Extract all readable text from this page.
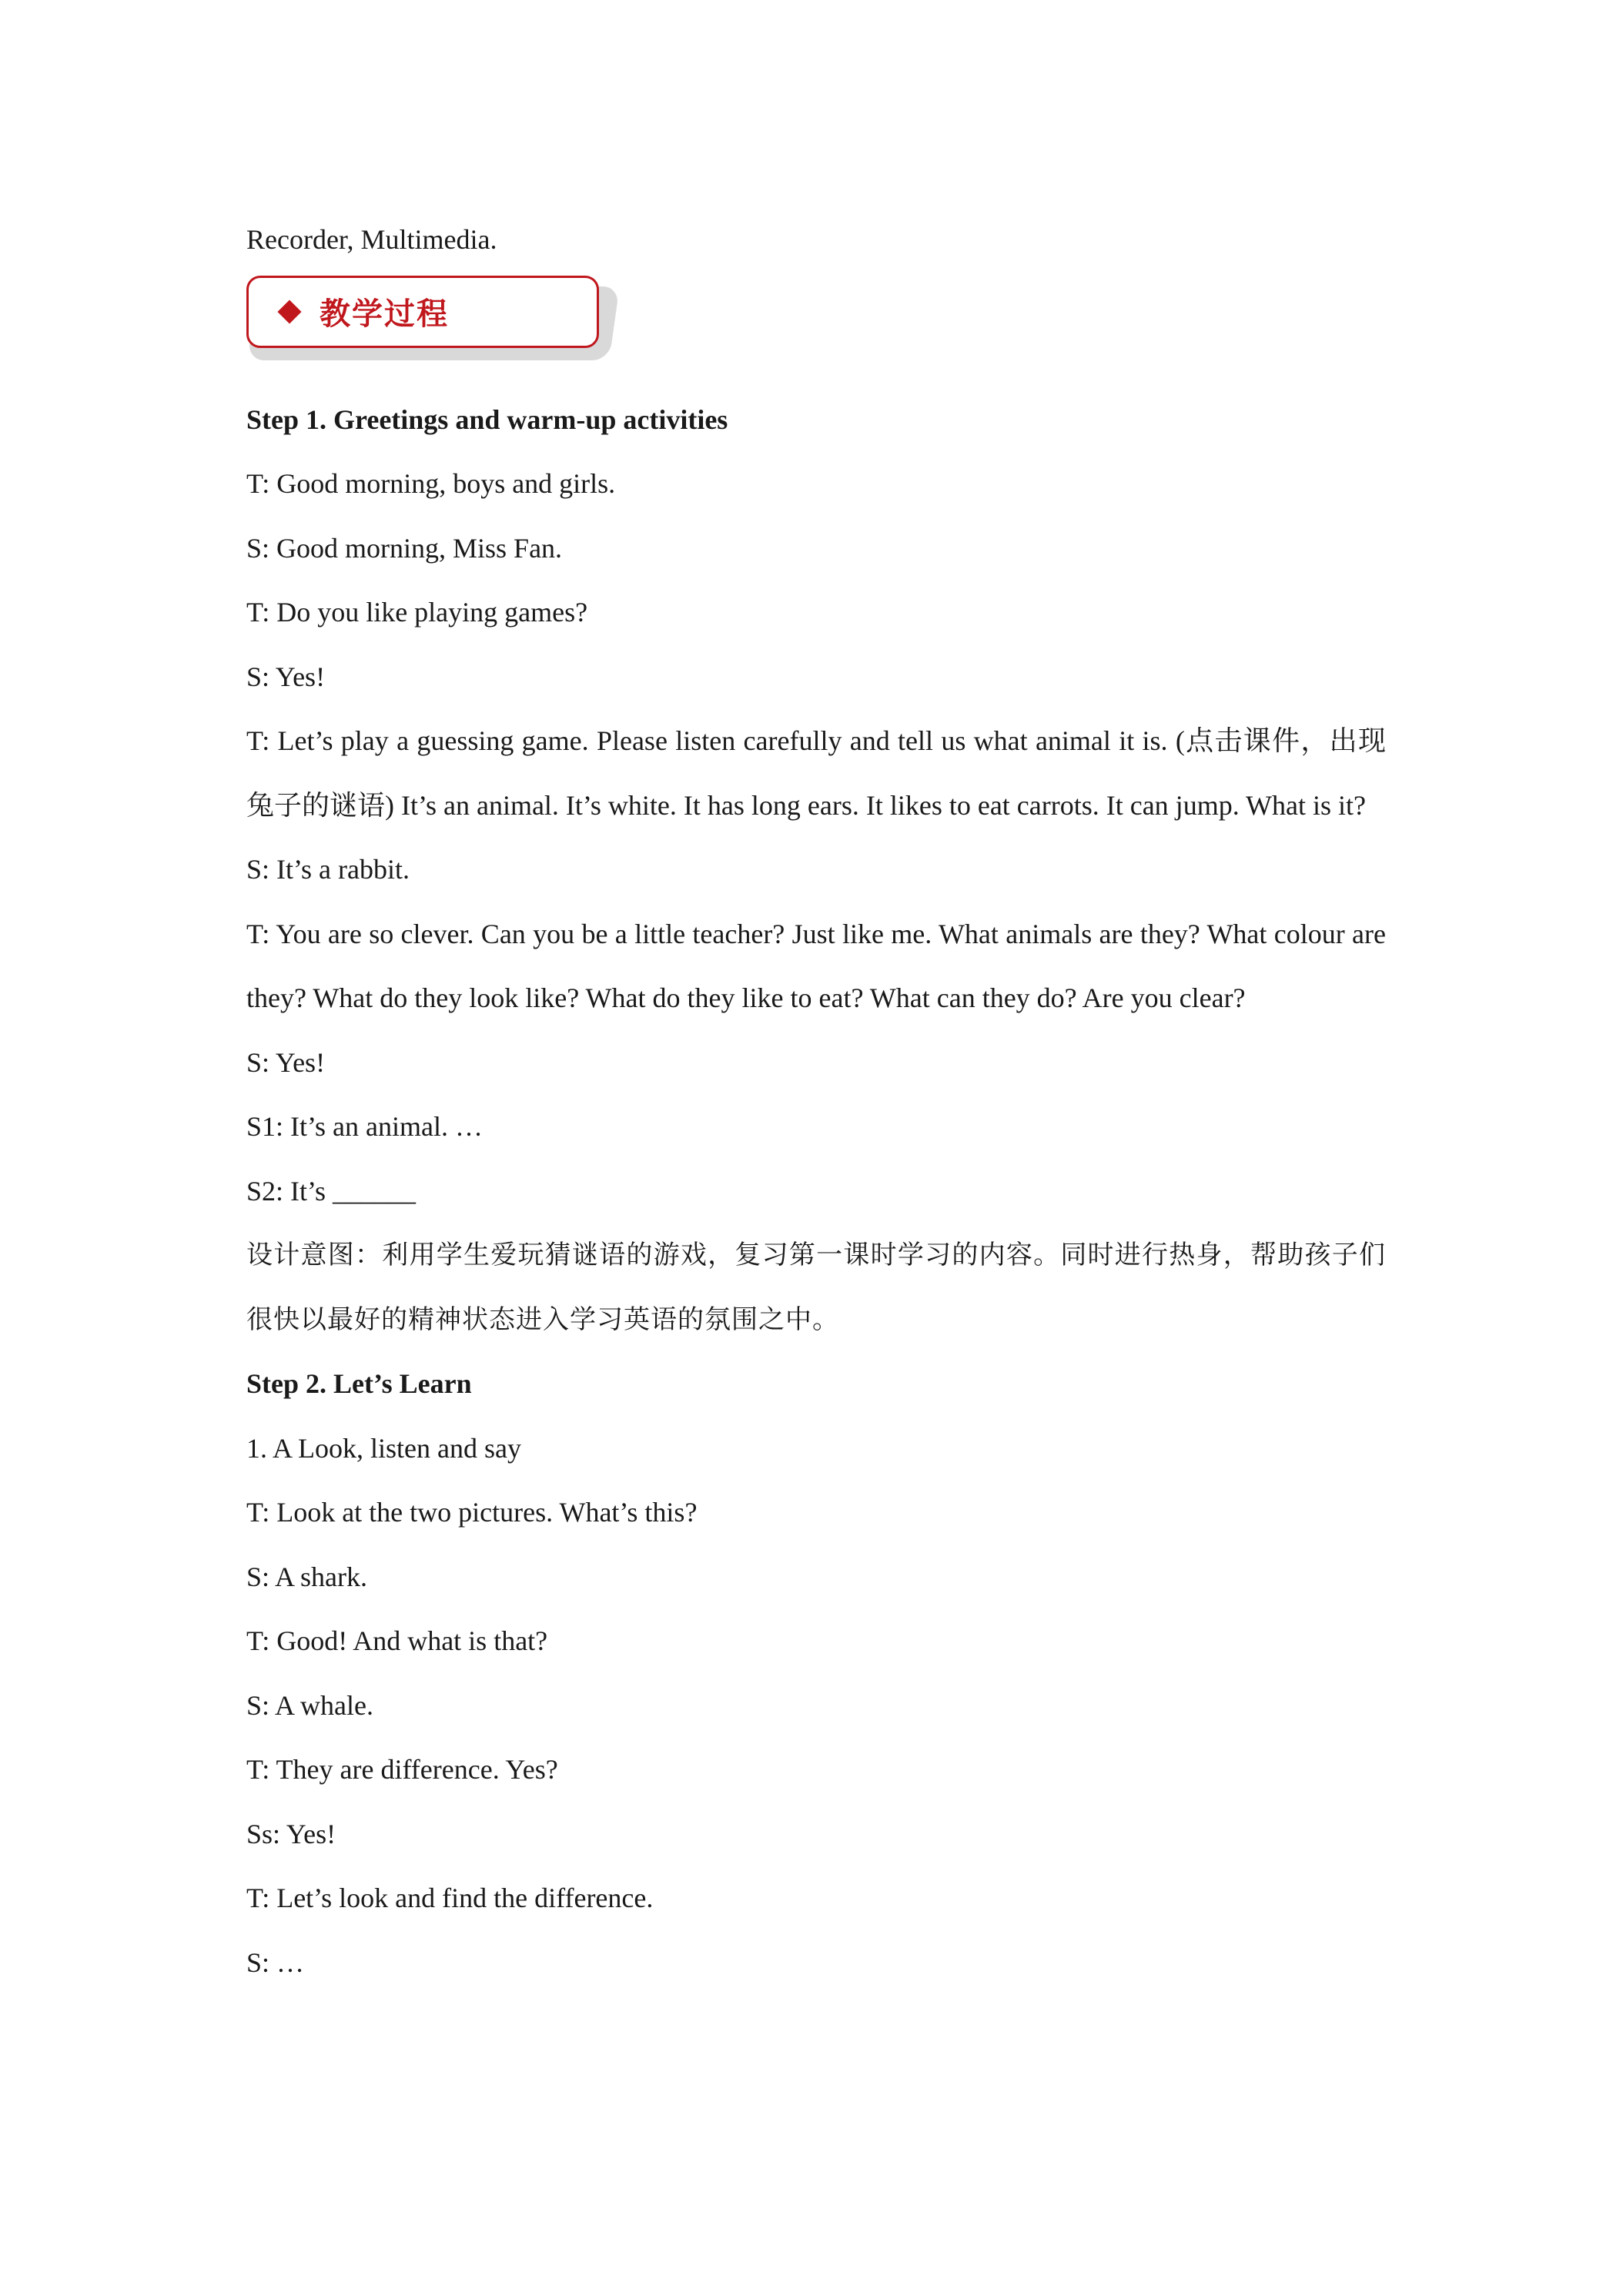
Recorder, Multimedia.
教学过程
Step 1. Greetings and warm-up activities
T: Good morning, boys and girls.
S: Good morning, Miss Fan.
T: Do you like playing games?
S: Yes!
T: Let’s play a guessing game. Please listen carefully and tell us what animal it is. (点击课件，出现兔子的谜语) It’s an animal. It’s white. It has long ears. It likes to eat carrots. It can jump. What is it?
S: It’s a rabbit.
T: You are so clever. Can you be a little teacher? Just like me. What animals are they? What colour are they? What do they look like? What do they like to eat? What can they do? Are you clear?
S: Yes!
S1: It’s an animal. …
S2: It’s ______
设计意图：利用学生爱玩猜谜语的游戏，复习第一课时学习的内容。同时进行热身，帮助孩子们很快以最好的精神状态进入学习英语的氛围之中。
Step 2. Let’s Learn
1. A Look, listen and say
T: Look at the two pictures. What’s this?
S: A shark.
T: Good! And what is that?
S: A whale.
T: They are difference. Yes?
Ss: Yes!
T: Let’s look and find the difference.
S: …
